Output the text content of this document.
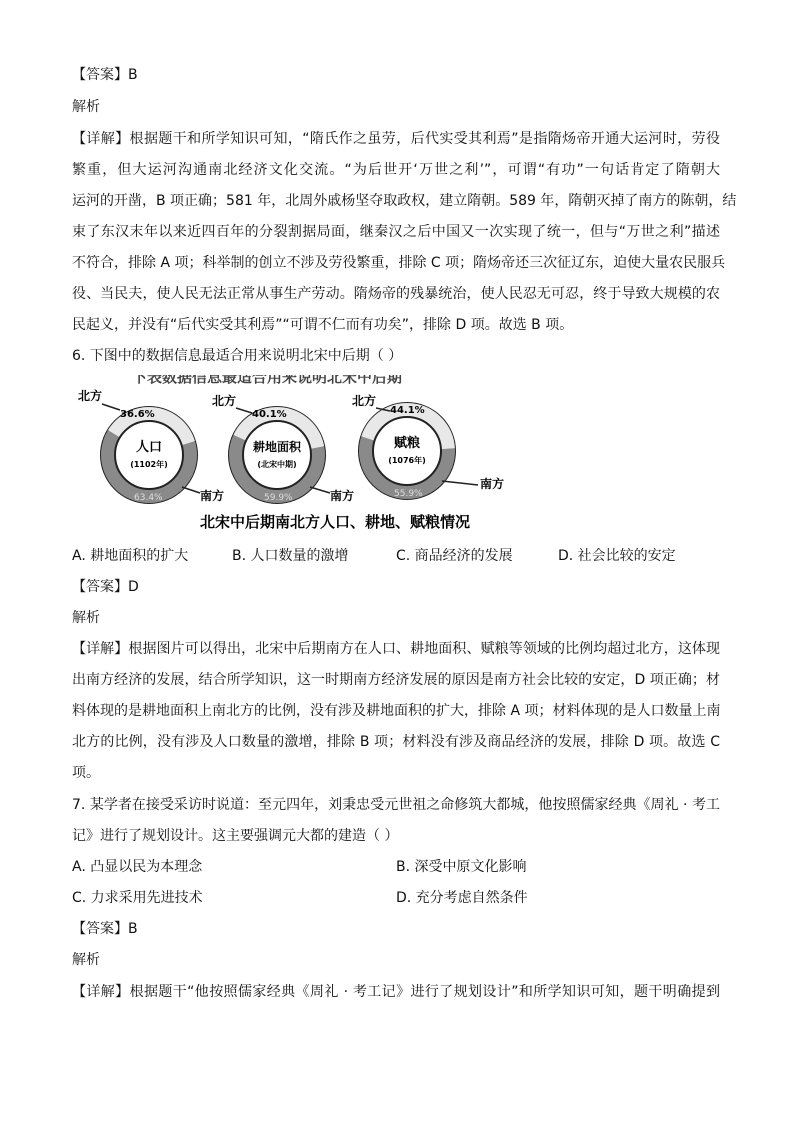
【答案】B
解析
【详解】根据题干和所学知识可知，“隋氏作之虽劳，后代实受其利焉”是指隋炀帝开通大运河时，劳役
繁重，但大运河沟通南北经济文化交流。“为后世开‘万世之利’”，可谓“有功”一句话肯定了隋朝大
运河的开凿，B 项正确；581 年，北周外戚杨坚夺取政权，建立隋朝。589 年，隋朝灭掉了南方的陈朝，结
束了东汉末年以来近四百年的分裂割据局面，继秦汉之后中国又一次实现了统一，但与“万世之利”描述
不符合，排除 A 项；科举制的创立不涉及劳役繁重，排除 C 项；隋炀帝还三次征辽东，迫使大量农民服兵
役、当民夫，使人民无法正常从事生产劳动。隋炀帝的残暴统治，使人民忍无可忍，终于导致大规模的农
民起义，并没有“后代实受其利焉”“可谓不仁而有功矣”，排除 D 项。故选 B 项。
6. 下图中的数据信息最适合用来说明北宋中后期（ ）
下表数据信息最适合用来说明北宋中后期
人口
(1102年)
36.6%
63.4%
北方
南方
耕地面积
(北宋中期)
40.1%
59.9%
北方
南方
赋粮
(1076年)
44.1%
55.9%
北方
南方
北宋中后期南北方人口、耕地、赋粮情况
A. 耕地面积的扩大	B. 人口数量的激增	C. 商品经济的发展	D. 社会比较的安定
【答案】D
解析
【详解】根据图片可以得出，北宋中后期南方在人口、耕地面积、赋粮等领域的比例均超过北方，这体现
出南方经济的发展，结合所学知识，这一时期南方经济发展的原因是南方社会比较的安定，D 项正确；材
料体现的是耕地面积上南北方的比例，没有涉及耕地面积的扩大，排除 A 项；材料体现的是人口数量上南
北方的比例，没有涉及人口数量的激增，排除 B 项；材料没有涉及商品经济的发展，排除 D 项。故选 C
项。
7. 某学者在接受采访时说道：至元四年，刘秉忠受元世祖之命修筑大都城，他按照儒家经典《周礼 · 考工
记》进行了规划设计。这主要强调元大都的建造（ ）
A. 凸显以民为本理念	B. 深受中原文化影响
C. 力求采用先进技术	D. 充分考虑自然条件
【答案】B
解析
【详解】根据题干“他按照儒家经典《周礼 · 考工记》进行了规划设计”和所学知识可知，题干明确提到
